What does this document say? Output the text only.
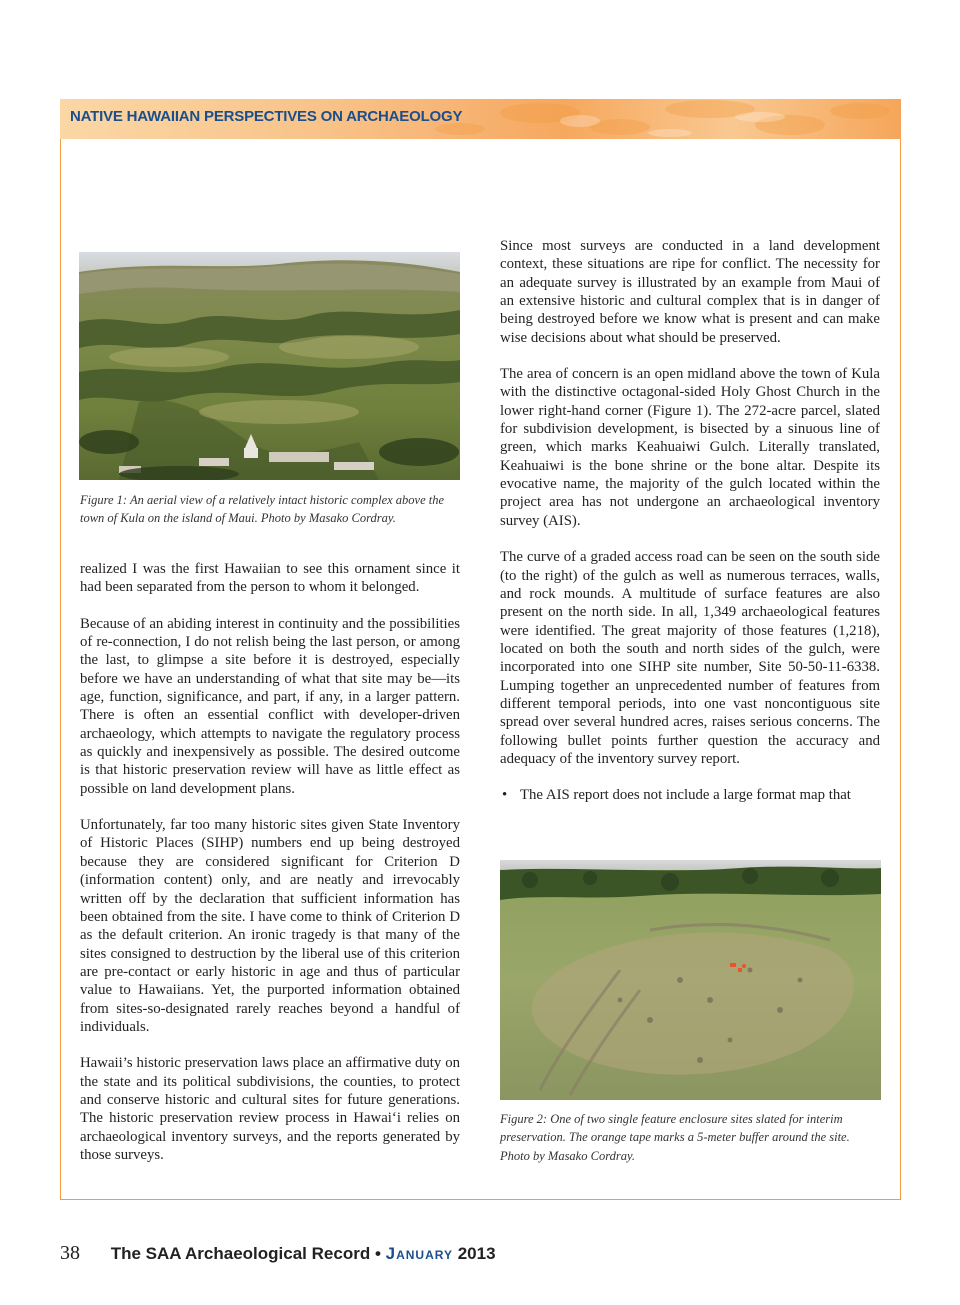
NATIVE HAWAIIAN PERSPECTIVES ON ARCHAEOLOGY
Figure 1: An aerial view of a relatively intact historic complex above the town of Kula on the island of Maui. Photo by Masako Cordray.

realized I was the first Hawaiian to see this ornament since it had been separated from the person to whom it belonged.

Because of an abiding interest in continuity and the possibilities of re-connection, I do not relish being the last person, or among the last, to glimpse a site before it is destroyed, especially before we have an understanding of what that site may be—its age, function, significance, and part, if any, in a larger pattern. There is often an essential conflict with developer-driven archaeology, which attempts to navigate the regulatory process as quickly and inexpensively as possible. The desired outcome is that historic preservation review will have as little effect as possible on land development plans.

Unfortunately, far too many historic sites given State Inventory of Historic Places (SIHP) numbers end up being destroyed because they are considered significant for Criterion D (information content) only, and are neatly and irrevocably written off by the declaration that sufficient information has been obtained from the site. I have come to think of Criterion D as the default criterion. An ironic tragedy is that many of the sites consigned to destruction by the liberal use of this criterion are pre-contact or early historic in age and thus of particular value to Hawaiians. Yet, the purported information obtained from sites-so-designated rarely reaches beyond a handful of individuals.

Hawaii’s historic preservation laws place an affirmative duty on the state and its political subdivisions, the counties, to protect and conserve historic and cultural sites for future generations. The historic preservation review process in Hawai‘i relies on archaeological inventory surveys, and the reports generated by those surveys.

Since most surveys are conducted in a land development context, these situations are ripe for conflict. The necessity for an adequate survey is illustrated by an example from Maui of an extensive historic and cultural complex that is in danger of being destroyed before we know what is present and can make wise decisions about what should be preserved.

The area of concern is an open midland above the town of Kula with the distinctive octagonal-sided Holy Ghost Church in the lower right-hand corner (Figure 1). The 272-acre parcel, slated for subdivision development, is bisected by a sinuous line of green, which marks Keahuaiwi Gulch. Literally translated, Keahuaiwi is the bone shrine or the bone altar. Despite its evocative name, the majority of the gulch located within the project area has not undergone an archaeological inventory survey (AIS).

The curve of a graded access road can be seen on the south side (to the right) of the gulch as well as numerous terraces, walls, and rock mounds. A multitude of surface features are also present on the north side. In all, 1,349 archaeological features were identified. The great majority of those features (1,218), located on both the south and north sides of the gulch, were incorporated into one SIHP site number, Site 50-50-11-6338. Lumping together an unprecedented number of features from different temporal periods, into one vast noncontiguous site spread over several hundred acres, raises serious concerns. The following bullet points further question the accuracy and adequacy of the inventory survey report.

• The AIS report does not include a large format map that
Figure 2: One of two single feature enclosure sites slated for interim preservation. The orange tape marks a 5-meter buffer around the site. Photo by Masako Cordray.
38 The SAA Archaeological Record • January 2013
